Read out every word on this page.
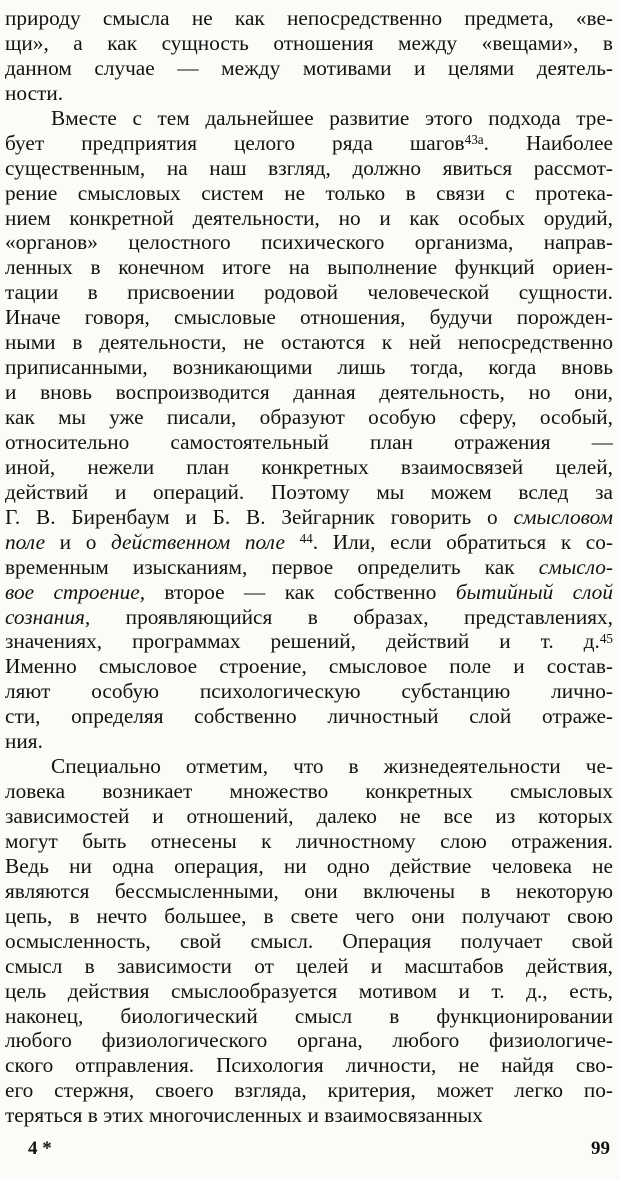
природу смысла не как непосредственно предмета, «ве-
щи», а как сущность отношения между «вещами», в
данном случае — между мотивами и целями деятель-
ности.
Вместе с тем дальнейшее развитие этого подхода тре-
бует предприятия целого ряда шагов$^{43а}$. Наиболее
существенным, на наш взгляд, должно явиться рассмот-
рение смысловых систем не только в связи с протека-
нием конкретной деятельности, но и как особых орудий,
«органов» целостного психического организма, направ-
ленных в конечном итоге на выполнение функций ориен-
тации в присвоении родовой человеческой сущности.
Иначе говоря, смысловые отношения, будучи порожден-
ными в деятельности, не остаются к ней непосредственно
приписанными, возникающими лишь тогда, когда вновь
и вновь воспроизводится данная деятельность, но они,
как мы уже писали, образуют особую сферу, особый,
относительно самостоятельный план отражения —
иной, нежели план конкретных взаимосвязей целей,
действий и операций. Поэтому мы можем вслед за
Г. В. Биренбаум и Б. В. Зейгарник говорить о смысловом
поле и о действенном поле $^{44}$. Или, если обратиться к со-
временным изысканиям, первое определить как смысло-
вое строение, второе — как собственно бытийный слой
сознания, проявляющийся в образах, представлениях,
значениях, программах решений, действий и т. д.$^{45}$
Именно смысловое строение, смысловое поле и состав-
ляют особую психологическую субстанцию лично-
сти, определяя собственно личностный слой отраже-
ния.
Специально отметим, что в жизнедеятельности че-
ловека возникает множество конкретных смысловых
зависимостей и отношений, далеко не все из которых
могут быть отнесены к личностному слою отражения.
Ведь ни одна операция, ни одно действие человека не
являются бессмысленными, они включены в некоторую
цепь, в нечто большее, в свете чего они получают свою
осмысленность, свой смысл. Операция получает свой
смысл в зависимости от целей и масштабов действия,
цель действия смыслообразуется мотивом и т. д., есть,
наконец, биологический смысл в функционировании
любого физиологического органа, любого физиологиче-
ского отправления. Психология личности, не найдя сво-
его стержня, своего взгляда, критерия, может легко по-
теряться в этих многочисленных и взаимосвязанных
4 *	99
